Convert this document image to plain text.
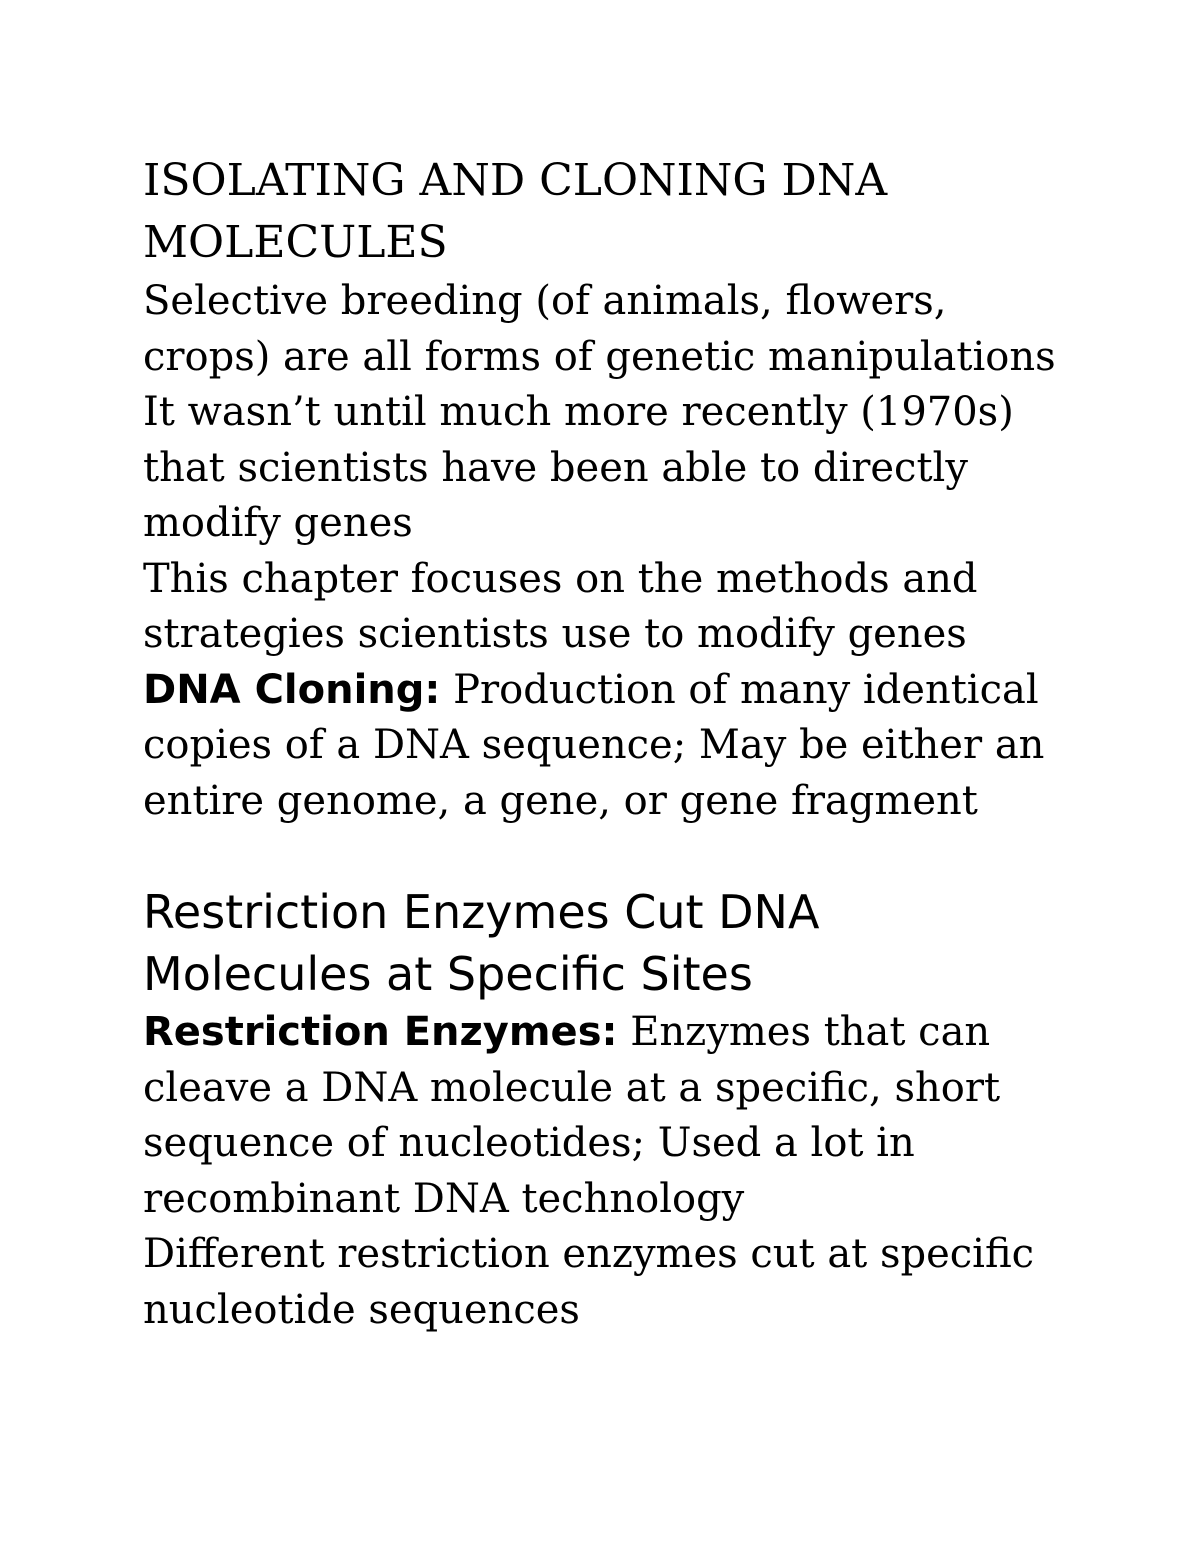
ISOLATING AND CLONING DNA

MOLECULES

Selective breeding (of animals, flowers,

crops) are all forms of genetic manipulations

It wasn’t until much more recently (1970s)

that scientists have been able to directly

modify genes

This chapter focuses on the methods and

strategies scientists use to modify genes

DNA Cloning: Production of many identical

copies of a DNA sequence; May be either an

entire genome, a gene, or gene fragment

Restriction Enzymes Cut DNA

Molecules at Specific Sites

Restriction Enzymes: Enzymes that can

cleave a DNA molecule at a specific, short

sequence of nucleotides; Used a lot in

recombinant DNA technology

Different restriction enzymes cut at specific

nucleotide sequences
